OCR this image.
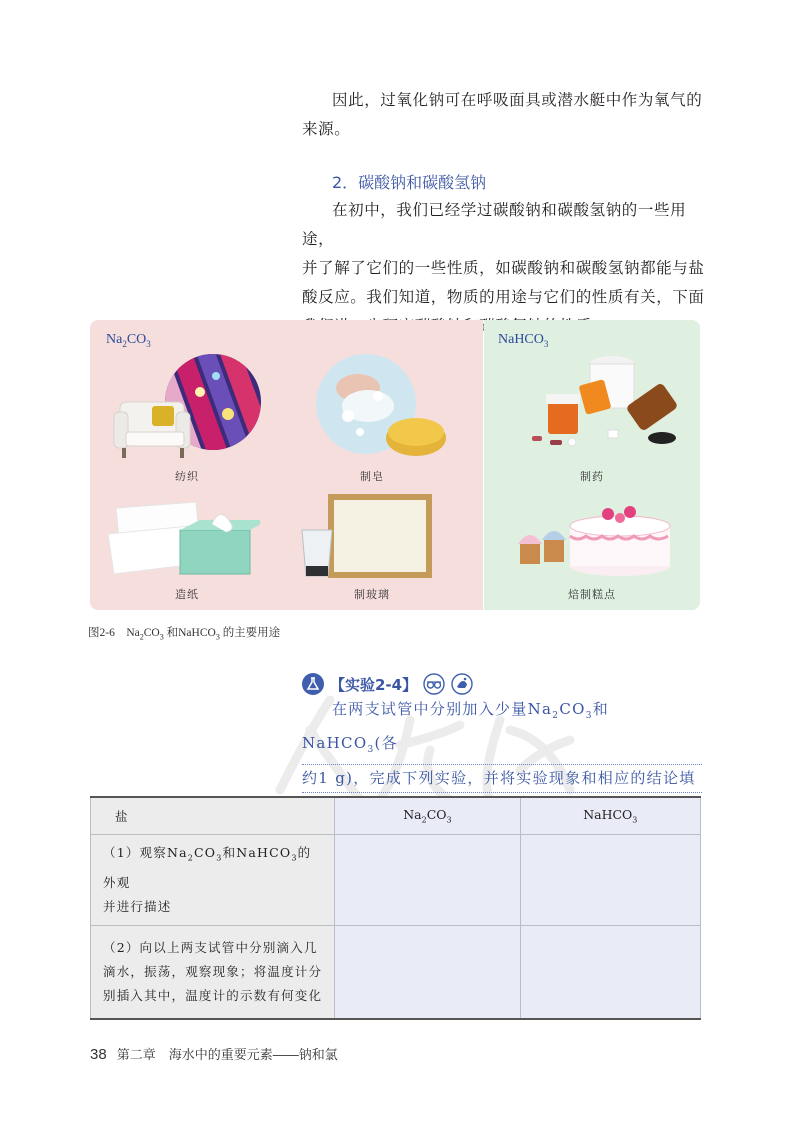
因此，过氧化钠可在呼吸面具或潜水艇中作为氧气的

来源。

2．碳酸钠和碳酸氢钠

在初中，我们已经学过碳酸钠和碳酸氢钠的一些用途，

并了解了它们的一些性质，如碳酸钠和碳酸氢钠都能与盐

酸反应。我们知道，物质的用途与它们的性质有关，下面

$Na_2CO_3$	NaHCO$_3$
纺织	制皂
造纸	制玻璃
制药
焙制糕点
图2-6　$Na_2CO_3$ 和NaHCO$_3$ 的主要用途
【实验2-4】

在两支试管中分别加入少量$Na_2CO_3$和NaHCO$_3$(各

约1 g)，完成下列实验，并将实验现象和相应的结论填

盐	$Na_2CO_3$	NaHCO$_3$

（1）观察$Na_2CO_3$和NaHCO$_3$的外观
并进行描述		

（2）向以上两支试管中分别滴入几
滴水，振荡，观察现象；将温度计分
别插入其中，温度计的示数有何变化		

38 第二章　海水中的重要元素——钠和氯
